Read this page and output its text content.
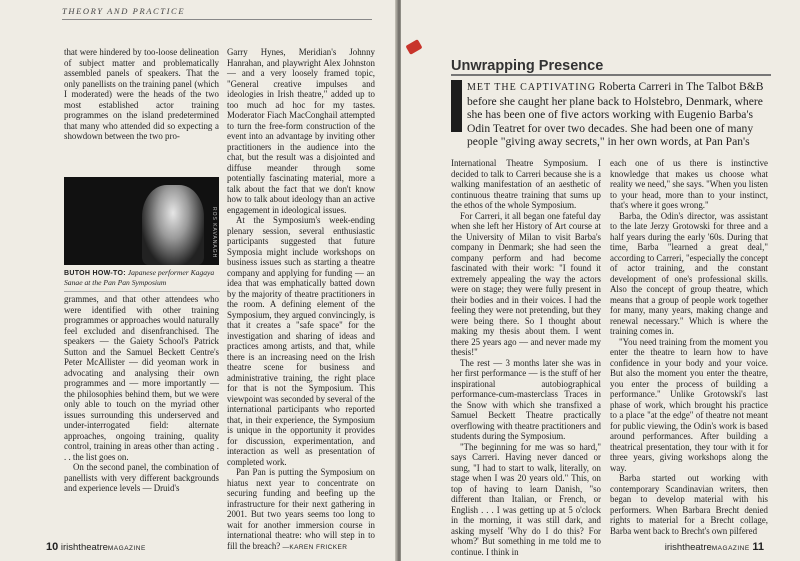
THEORY AND PRACTICE

that were hindered by too-loose delineation of subject matter and problematically assembled panels of speakers. That the only panellists on the training panel (which I moderated) were the heads of the two most established actor training programmes on the island predetermined that many who attended did so expecting a showdown between the two pro-

ROS KAVANAGH
BUTOH HOW-TO: Japanese performer Kagaya Sanae at the Pan Pan Symposium

grammes, and that other attendees who were identified with other training programmes or approaches would naturally feel excluded and disenfranchised. The speakers — the Gaiety School's Patrick Sutton and the Samuel Beckett Centre's Peter McAllister — did yeoman work in advocating and analysing their own programmes and — more importantly — the philosophies behind them, but we were only able to touch on the myriad other issues surrounding this underserved and under-interrogated field: alternate approaches, ongoing training, quality control, training in areas other than acting . . . the list goes on.

On the second panel, the combination of panellists with very different backgrounds and experience levels — Druid's

Garry Hynes, Meridian's Johnny Hanrahan, and playwright Alex Johnston — and a very loosely framed topic, "General creative impulses and ideologies in Irish theatre," added up to too much ad hoc for my tastes. Moderator Fiach MacConghail attempted to turn the free-form construction of the event into an advantage by inviting other practitioners in the audience into the chat, but the result was a disjointed and diffuse meander through some potentially fascinating material, more a talk about the fact that we don't know how to talk about ideology than an active engagement in ideological issues.

At the Symposium's week-ending plenary session, several enthusiastic participants suggested that future Symposia might include workshops on business issues such as starting a theatre company and applying for funding — an idea that was emphatically batted down by the majority of theatre practitioners in the room. A defining element of the Symposium, they argued convincingly, is that it creates a "safe space" for the investigation and sharing of ideas and practices among artists, and that, while there is an increasing need on the Irish theatre scene for business and administrative training, the right place for that is not the Symposium. This viewpoint was seconded by several of the international participants who reported that, in their experience, the Symposium is unique in the opportunity it provides for discussion, experimentation, and interaction as well as presentation of completed work.

Pan Pan is putting the Symposium on hiatus next year to concentrate on securing funding and beefing up the infrastructure for their next gathering in 2001. But two years seems too long to wait for another immersion course in international theatre: who will step in to fill the breach? —KAREN FRICKER

10 irishtheatreMAGAZINE
Unwrapping Presence
MET THE CAPTIVATING Roberta Carreri in The Talbot B&B before she caught her plane back to Holstebro, Denmark, where she has been one of five actors working with Eugenio Barba's Odin Teatret for over two decades. She had been one of many people "giving away secrets," in her own words, at Pan Pan's

International Theatre Symposium. I decided to talk to Carreri because she is a walking manifestation of an aesthetic of continuous theatre training that sums up the ethos of the whole Symposium.

For Carreri, it all began one fateful day when she left her History of Art course at the University of Milan to visit Barba's company in Denmark; she had seen the company perform and had become fascinated with their work: "I found it extremely appealing the way the actors were on stage; they were fully present in their bodies and in their voices. I had the feeling they were not pretending, but they were being there. So I thought about making my thesis about them. I went there 25 years ago — and never made my thesis!"

The rest — 3 months later she was in her first performance — is the stuff of her inspirational autobiographical performance-cum-masterclass Traces in the Snow with which she transfixed a Samuel Beckett Theatre practically overflowing with theatre practitioners and students during the Symposium.

"The beginning for me was so hard," says Carreri. Having never danced or sung, "I had to start to walk, literally, on stage when I was 20 years old." This, on top of having to learn Danish, "so different than Italian, or French, or English . . . I was getting up at 5 o'clock in the morning, it was still dark, and asking myself 'Why do I do this? For whom?' But something in me told me to continue. I think in

each one of us there is instinctive knowledge that makes us choose what reality we need," she says. "When you listen to your head, more than to your instinct, that's where it goes wrong."

Barba, the Odin's director, was assistant to the late Jerzy Grotowski for three and a half years during the early '60s. During that time, Barba "learned a great deal," according to Carreri, "especially the concept of actor training, and the constant development of one's professional skills. Also the concept of group theatre, which means that a group of people work together for many, many years, making change and renewal necessary." Which is where the training comes in.

"You need training from the moment you enter the theatre to learn how to have confidence in your body and your voice. But also the moment you enter the theatre, you enter the process of building a performance." Unlike Grotowski's last phase of work, which brought his practice to a place "at the edge" of theatre not meant for public viewing, the Odin's work is based around performances. After building a theatrical presentation, they tour with it for three years, giving workshops along the way.

Barba started out working with contemporary Scandinavian writers, then began to develop material with his performers. When Barbara Brecht denied rights to material for a Brecht collage, Barba went back to Brecht's own pilfered

irishtheatreMAGAZINE 11
